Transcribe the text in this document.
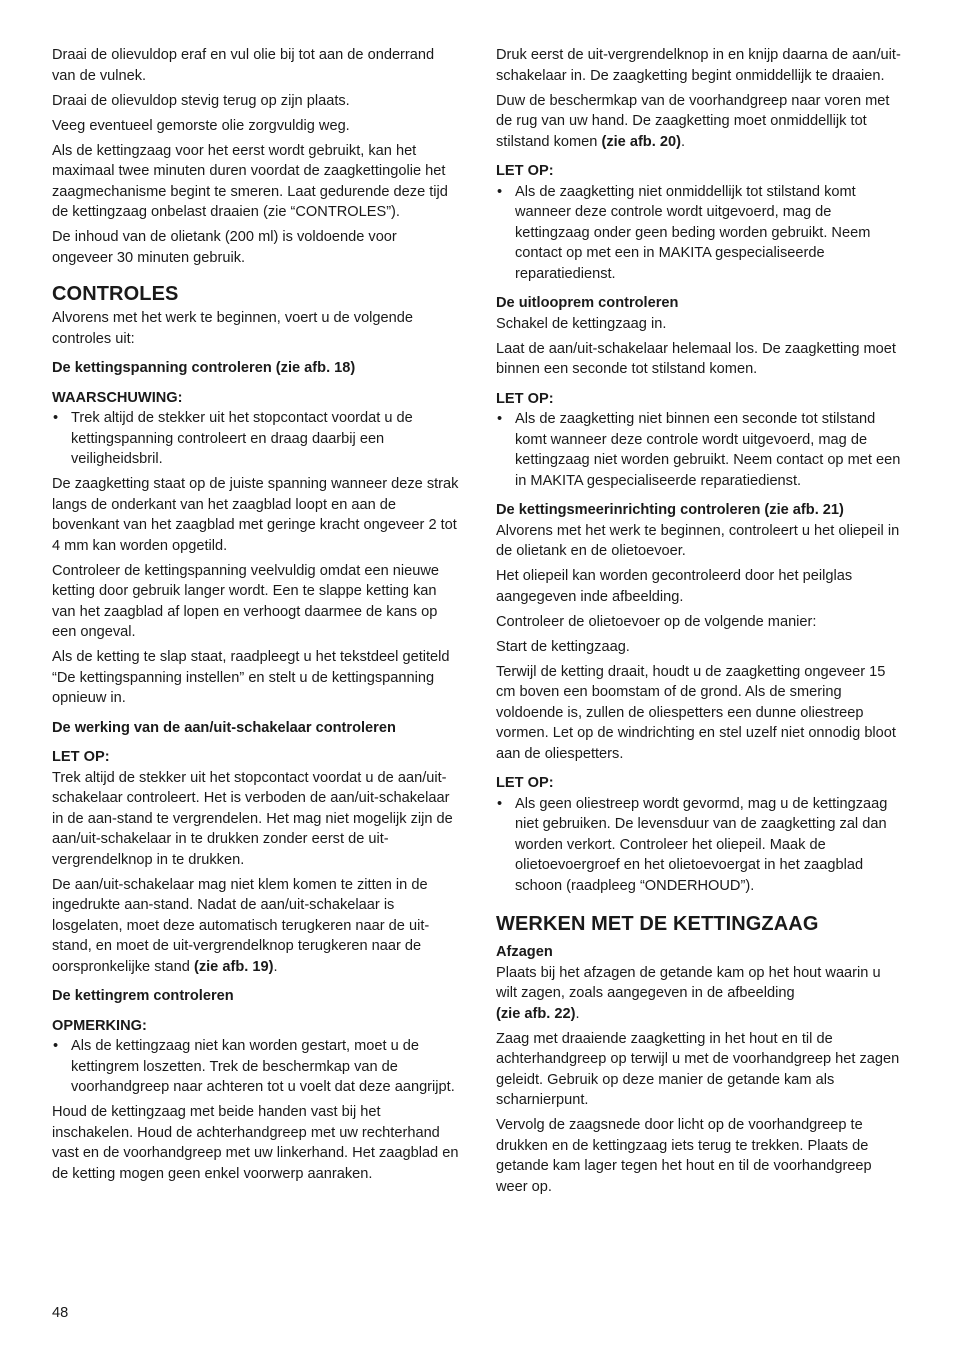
Draai de olievuldop eraf en vul olie bij tot aan de onderrand van de vulnek.

Draai de olievuldop stevig terug op zijn plaats.

Veeg eventueel gemorste olie zorgvuldig weg.

Als de kettingzaag voor het eerst wordt gebruikt, kan het maximaal twee minuten duren voordat de zaagkettingolie het zaagmechanisme begint te smeren. Laat gedurende deze tijd de kettingzaag onbelast draaien (zie “CONTROLES”).

De inhoud van de olietank (200 ml) is voldoende voor ongeveer 30 minuten gebruik.

CONTROLES

Alvorens met het werk te beginnen, voert u de volgende controles uit:

De kettingspanning controleren (zie afb. 18)

WAARSCHUWING:

• Trek altijd de stekker uit het stopcontact voordat u de kettingspanning controleert en draag daarbij een veiligheidsbril.

De zaagketting staat op de juiste spanning wanneer deze strak langs de onderkant van het zaagblad loopt en aan de bovenkant van het zaagblad met geringe kracht ongeveer 2 tot 4 mm kan worden opgetild.

Controleer de kettingspanning veelvuldig omdat een nieuwe ketting door gebruik langer wordt. Een te slappe ketting kan van het zaagblad af lopen en verhoogt daarmee de kans op een ongeval.

Als de ketting te slap staat, raadpleegt u het tekstdeel getiteld “De kettingspanning instellen” en stelt u de kettingspanning opnieuw in.

De werking van de aan/uit-schakelaar controleren

LET OP:

Trek altijd de stekker uit het stopcontact voordat u de aan/uit-schakelaar controleert. Het is verboden de aan/uit-schakelaar in de aan-stand te vergrendelen. Het mag niet mogelijk zijn de aan/uit-schakelaar in te drukken zonder eerst de uit-vergrendelknop in te drukken.

De aan/uit-schakelaar mag niet klem komen te zitten in de ingedrukte aan-stand. Nadat de aan/uit-schakelaar is losgelaten, moet deze automatisch terugkeren naar de uit-stand, en moet de uit-vergrendelknop terugkeren naar de oorspronkelijke stand (zie afb. 19).

De kettingrem controleren

OPMERKING:

• Als de kettingzaag niet kan worden gestart, moet u de kettingrem loszetten. Trek de beschermkap van de voorhandgreep naar achteren tot u voelt dat deze aangrijpt.

Houd de kettingzaag met beide handen vast bij het inschakelen. Houd de achterhandgreep met uw rechterhand vast en de voorhandgreep met uw linkerhand. Het zaagblad en de ketting mogen geen enkel voorwerp aanraken.

Druk eerst de uit-vergrendelknop in en knijp daarna de aan/uit-schakelaar in. De zaagketting begint onmiddellijk te draaien.

Duw de beschermkap van de voorhandgreep naar voren met de rug van uw hand. De zaagketting moet onmiddellijk tot stilstand komen (zie afb. 20).

LET OP:

• Als de zaagketting niet onmiddellijk tot stilstand komt wanneer deze controle wordt uitgevoerd, mag de kettingzaag onder geen beding worden gebruikt. Neem contact op met een in MAKITA gespecialiseerde reparatiedienst.

De uitlooprem controleren

Schakel de kettingzaag in.

Laat de aan/uit-schakelaar helemaal los. De zaagketting moet binnen een seconde tot stilstand komen.

LET OP:

• Als de zaagketting niet binnen een seconde tot stilstand komt wanneer deze controle wordt uitgevoerd, mag de kettingzaag niet worden gebruikt. Neem contact op met een in MAKITA gespecialiseerde reparatiedienst.

De kettingsmeerinrichting controleren (zie afb. 21)

Alvorens met het werk te beginnen, controleert u het oliepeil in de olietank en de olietoevoer.

Het oliepeil kan worden gecontroleerd door het peilglas aangegeven inde afbeelding.

Controleer de olietoevoer op de volgende manier:

Start de kettingzaag.

Terwijl de ketting draait, houdt u de zaagketting ongeveer 15 cm boven een boomstam of de grond. Als de smering voldoende is, zullen de oliespetters een dunne oliestreep vormen. Let op de windrichting en stel uzelf niet onnodig bloot aan de oliespetters.

LET OP:

• Als geen oliestreep wordt gevormd, mag u de kettingzaag niet gebruiken. De levensduur van de zaagketting zal dan worden verkort. Controleer het oliepeil. Maak de olietoevoergroef en het olietoevoergat in het zaagblad schoon (raadpleeg “ONDERHOUD”).

WERKEN MET DE KETTINGZAAG

Afzagen

Plaats bij het afzagen de getande kam op het hout waarin u wilt zagen, zoals aangegeven in de afbeelding
(zie afb. 22).

Zaag met draaiende zaagketting in het hout en til de achterhandgreep op terwijl u met de voorhandgreep het zagen geleidt. Gebruik op deze manier de getande kam als scharnierpunt.

Vervolg de zaagsnede door licht op de voorhandgreep te drukken en de kettingzaag iets terug te trekken. Plaats de getande kam lager tegen het hout en til de voorhandgreep weer op.

48
